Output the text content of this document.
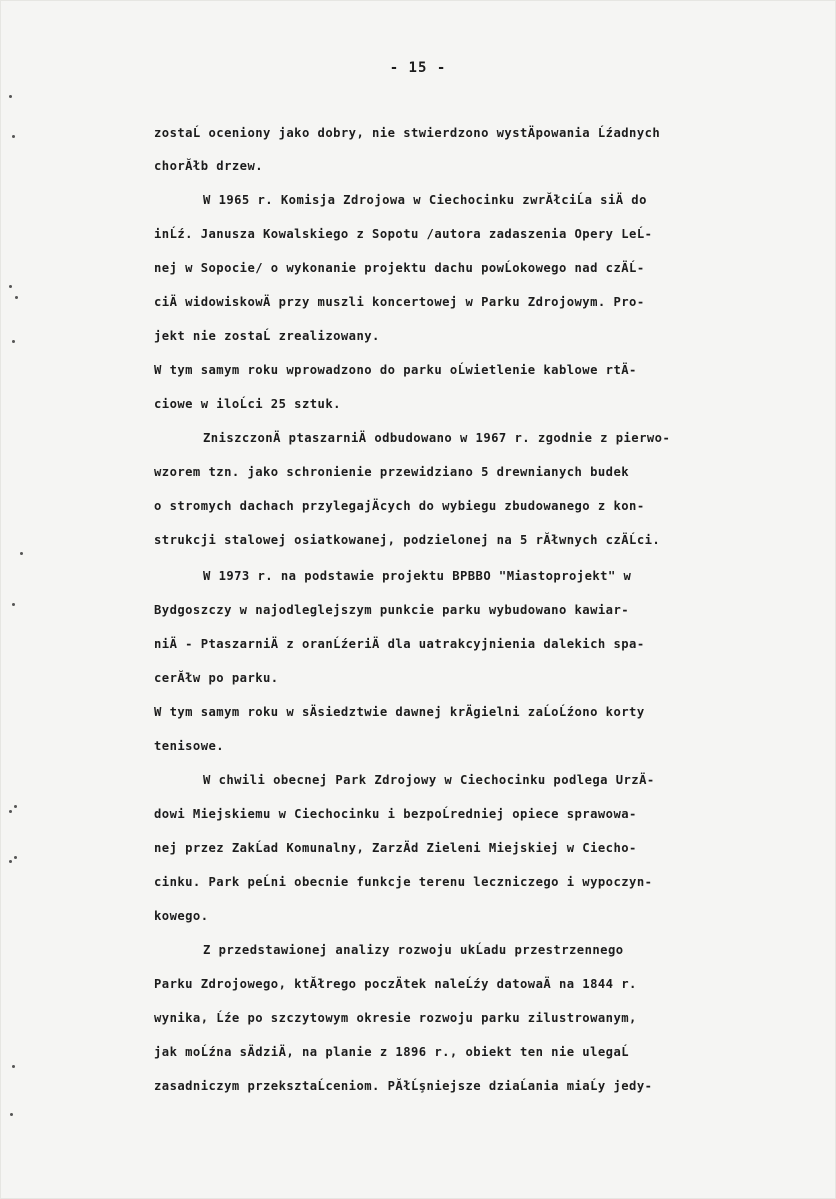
- 15 -
zostaĹ oceniony jako dobry, nie stwierdzono wystÄpowania Ĺźadnych
chorĂłb drzew.
W 1965 r. Komisja Zdrojowa w Ciechocinku zwrĂłciĹa siÄ do
inĹź. Janusza Kowalskiego z Sopotu /autora zadaszenia Opery LeĹ-
nej w Sopocie/ o wykonanie projektu dachu powĹokowego nad czÄĹ-
ciÄ widowiskowÄ przy muszli koncertowej w Parku Zdrojowym. Pro-
jekt nie zostaĹ zrealizowany.
W tym samym roku wprowadzono do parku oĹwietlenie kablowe rtÄ-
ciowe w iloĹci 25 sztuk.
ZniszczonÄ ptaszarniÄ odbudowano w 1967 r. zgodnie z pierwo-
wzorem tzn. jako schronienie przewidziano 5 drewnianych budek
o stromych dachach przylegajÄcych do wybiegu zbudowanego z kon-
strukcji stalowej osiatkowanej, podzielonej na 5 rĂłwnych czÄĹci.
W 1973 r. na podstawie projektu BPBBO "Miastoprojekt" w
Bydgoszczy w najodleglejszym punkcie parku wybudowano kawiar-
niÄ - PtaszarniÄ z oranĹźeriÄ dla uatrakcyjnienia dalekich spa-
cerĂłw po parku.
W tym samym roku w sÄsiedztwie dawnej krÄgielni zaĹoĹźono korty
tenisowe.
W chwili obecnej Park Zdrojowy w Ciechocinku podlega UrzÄ-
dowi Miejskiemu w Ciechocinku i bezpoĹredniej opiece sprawowa-
nej przez ZakĹad Komunalny, ZarzÄd Zieleni Miejskiej w Ciecho-
cinku. Park peĹni obecnie funkcje terenu leczniczego i wypoczyn-
kowego.
Z przedstawionej analizy rozwoju ukĹadu przestrzennego
Parku Zdrojowego, ktĂłrego poczÄtek naleĹźy datowaÄ na 1844 r.
wynika, Ĺźe po szczytowym okresie rozwoju parku zilustrowanym,
jak moĹźna sÄdziÄ, na planie z 1896 r., obiekt ten nie ulegaĹ
zasadniczym przeksztaĹceniom. PĂłĹşniejsze dziaĹania miaĹy jedy-
